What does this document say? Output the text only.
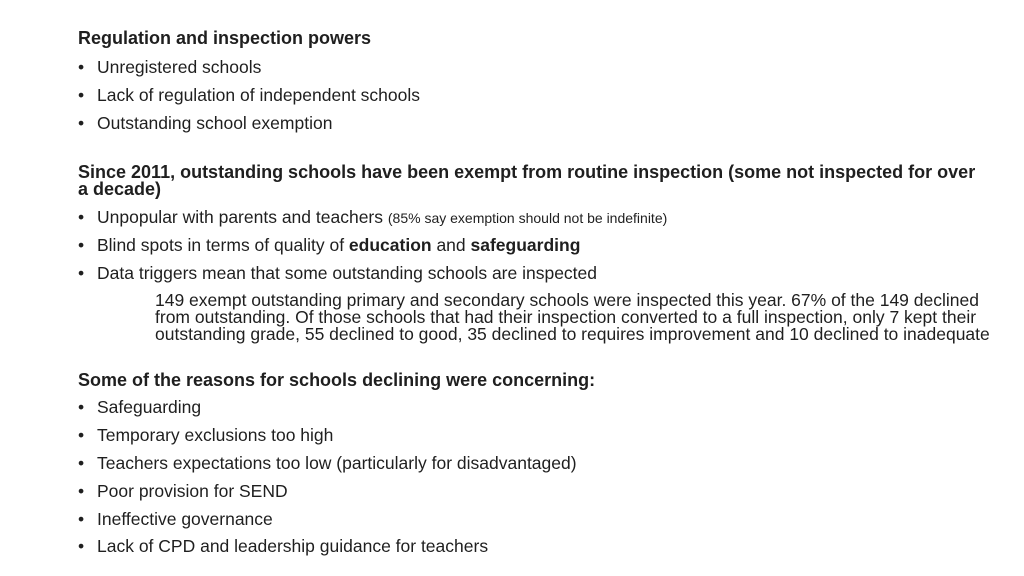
Regulation and inspection powers

• Unregistered schools
• Lack of regulation of independent schools
• Outstanding school exemption

Since 2011, outstanding schools have been exempt from routine inspection (some not inspected for over a decade)

• Unpopular with parents and teachers (85% say exemption should not be indefinite)
• Blind spots in terms of quality of education and safeguarding
• Data triggers mean that some outstanding schools are inspected
149 exempt outstanding primary and secondary schools were inspected this year. 67% of the 149 declined from outstanding. Of those schools that had their inspection converted to a full inspection, only 7 kept their outstanding grade, 55 declined to good, 35 declined to requires improvement and 10 declined to inadequate

Some of the reasons for schools declining were concerning:

• Safeguarding
• Temporary exclusions too high
• Teachers expectations too low (particularly for disadvantaged)
• Poor provision for SEND
• Ineffective governance
• Lack of CPD and leadership guidance for teachers
